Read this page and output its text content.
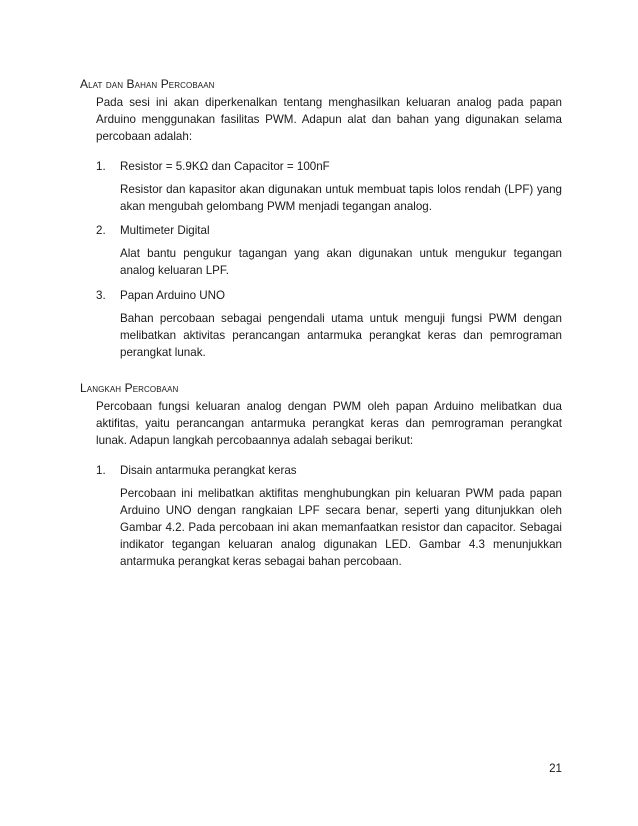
Alat dan Bahan Percobaan

Pada sesi ini akan diperkenalkan tentang menghasilkan keluaran analog pada papan Arduino menggunakan fasilitas PWM. Adapun alat dan bahan yang digunakan selama percobaan adalah:

1. Resistor = 5.9KΩ dan Capacitor = 100nF

Resistor dan kapasitor akan digunakan untuk membuat tapis lolos rendah (LPF) yang akan mengubah gelombang PWM menjadi tegangan analog.

2. Multimeter Digital

Alat bantu pengukur tagangan yang akan digunakan untuk mengukur tegangan analog keluaran LPF.

3. Papan Arduino UNO

Bahan percobaan sebagai pengendali utama untuk menguji fungsi PWM dengan melibatkan aktivitas perancangan antarmuka perangkat keras dan pemrograman perangkat lunak.

Langkah Percobaan

Percobaan fungsi keluaran analog dengan PWM oleh papan Arduino melibatkan dua aktifitas, yaitu perancangan antarmuka perangkat keras dan pemrograman perangkat lunak. Adapun langkah percobaannya adalah sebagai berikut:

1. Disain antarmuka perangkat keras

Percobaan ini melibatkan aktifitas menghubungkan pin keluaran PWM pada papan Arduino UNO dengan rangkaian LPF secara benar, seperti yang ditunjukkan oleh Gambar 4.2. Pada percobaan ini akan memanfaatkan resistor dan capacitor. Sebagai indikator tegangan keluaran analog digunakan LED. Gambar 4.3 menunjukkan antarmuka perangkat keras sebagai bahan percobaan.

21
